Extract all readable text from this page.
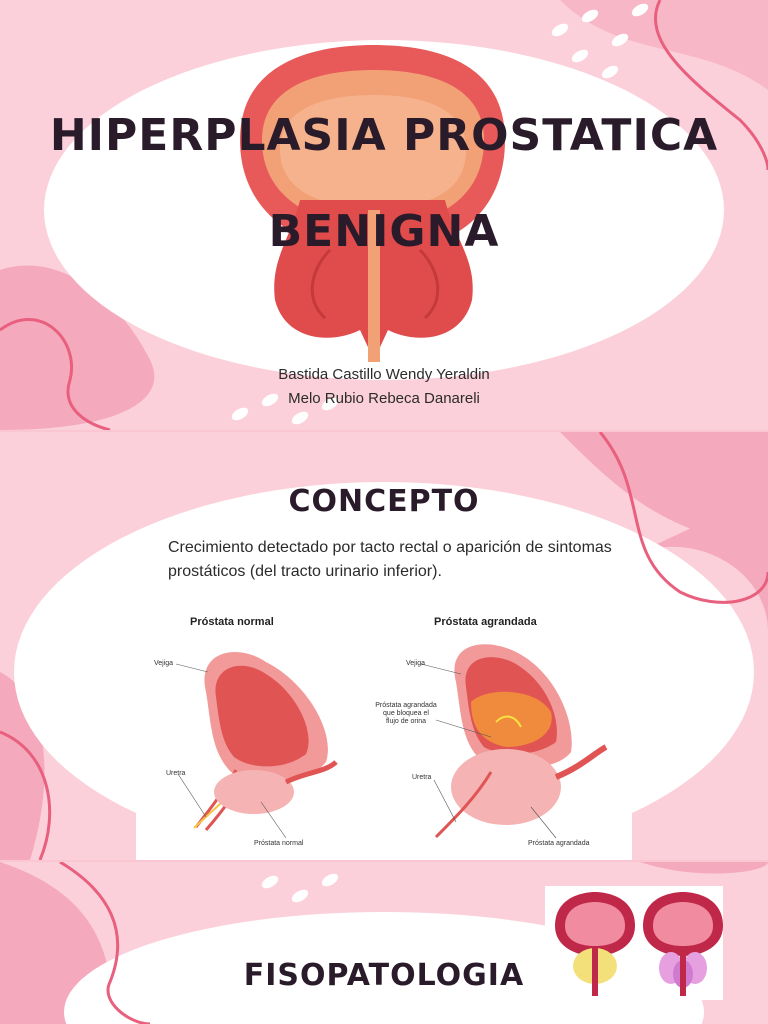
HIPERPLASIA PROSTATICA
BENIGNA
Bastida Castillo Wendy Yeraldin
Melo Rubio Rebeca Danareli
CONCEPTO

Crecimiento detectado por tacto rectal o aparición de sintomas prostáticos (del tracto urinario inferior).

Próstata normal	Próstata agrandada
Vejiga
Uretra
Próstata normal
Vejiga
Próstata agrandada
que bloquea el
flujo de orina
Uretra
Próstata agrandada
FISOPATOLOGIA
